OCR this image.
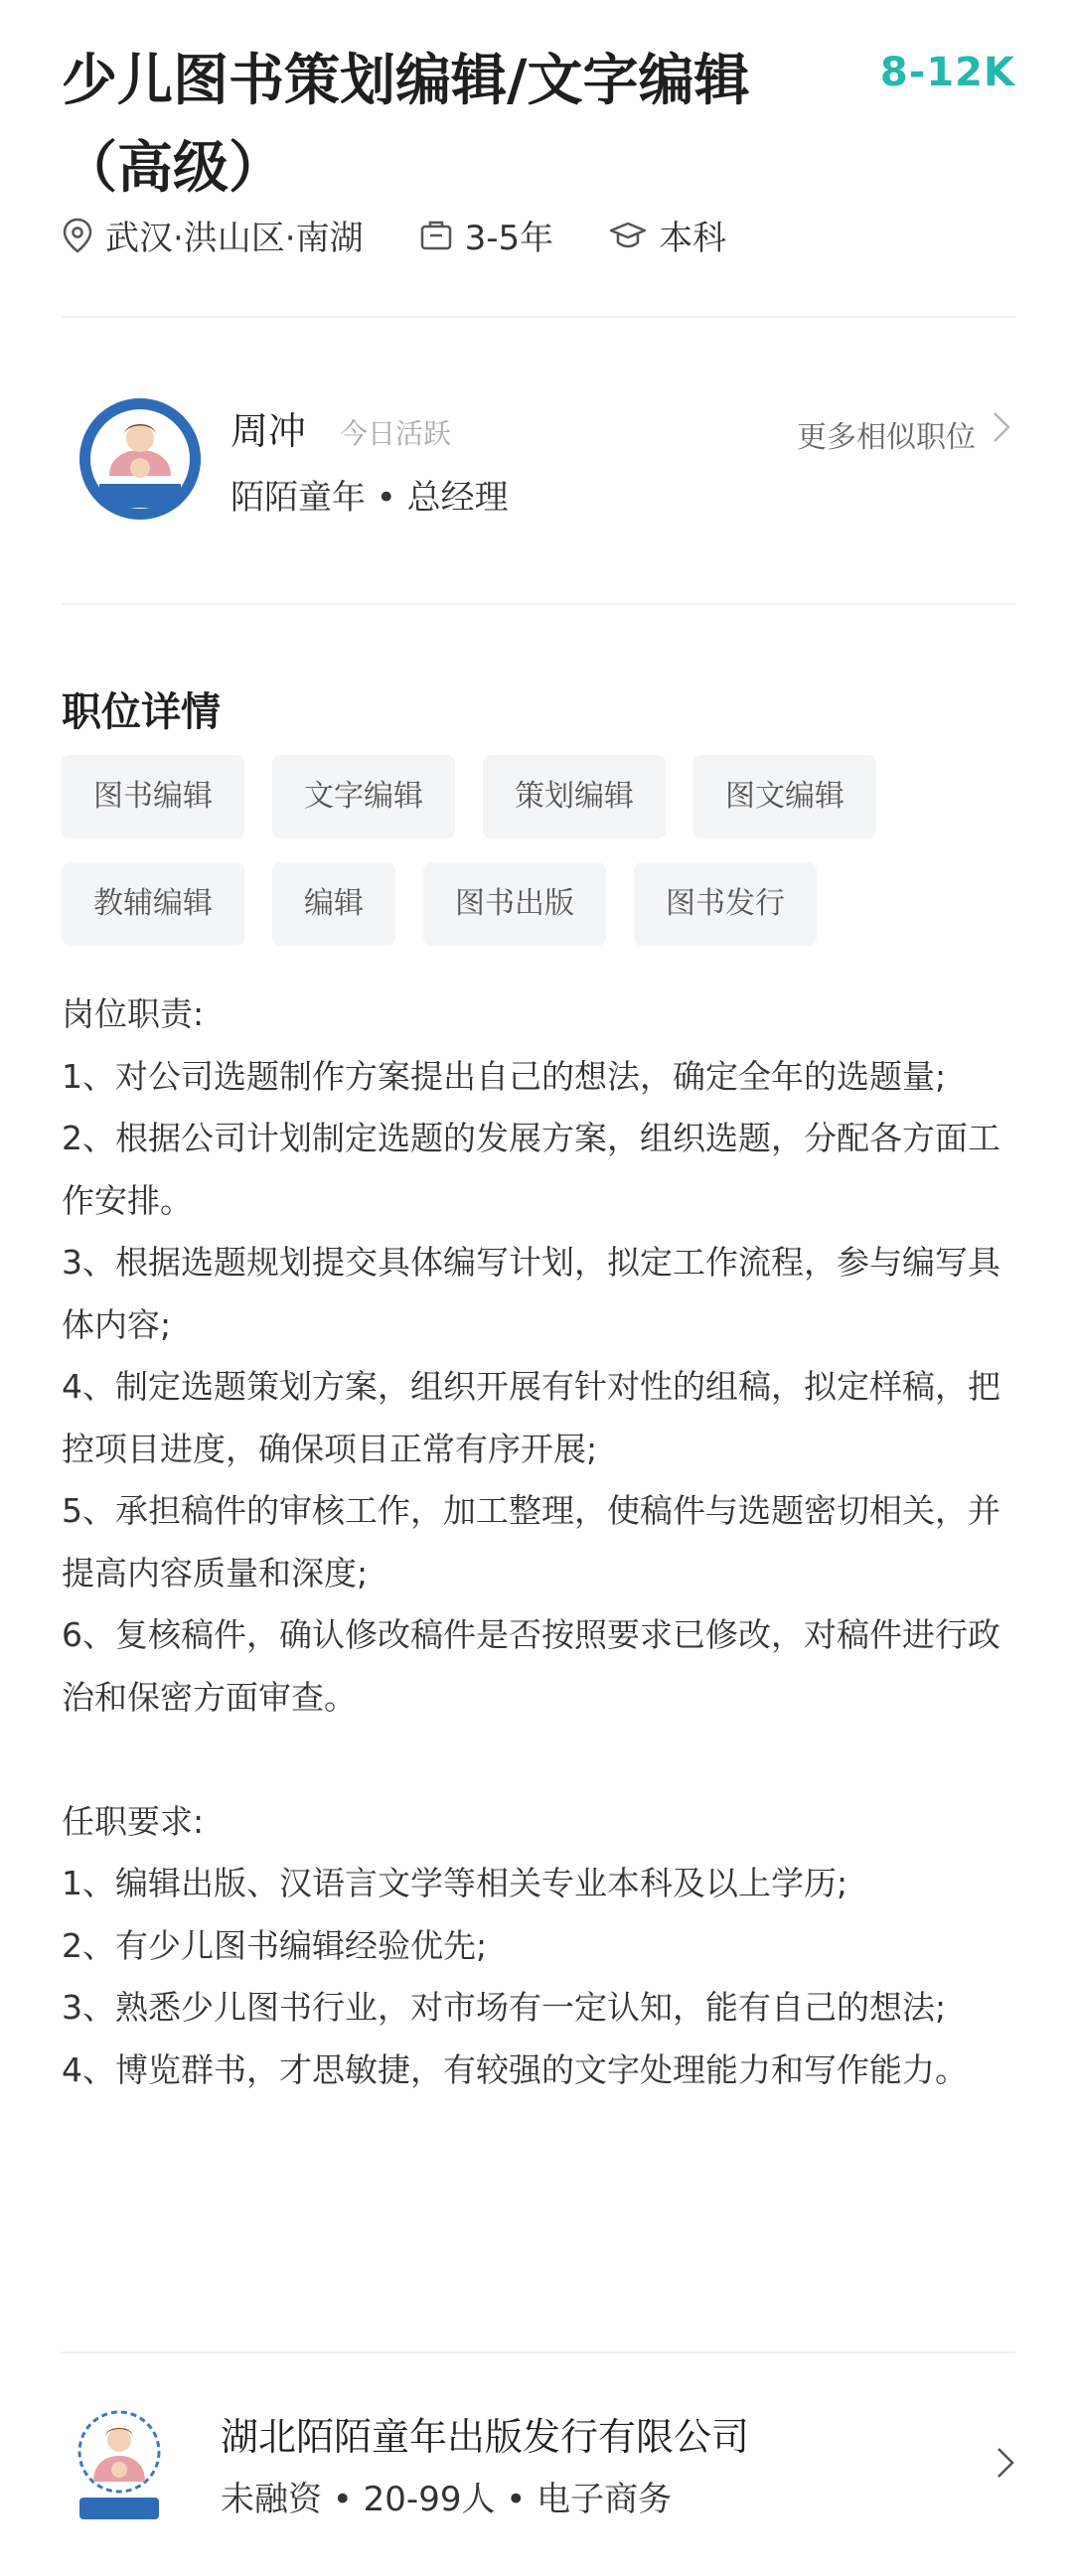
少儿图书策划编辑/文字编辑（高级）
8-12K
武汉·洪山区·南湖	3-5年	本科
周冲 今日活跃
陌陌童年 • 总经理
更多相似职位
职位详情
图书编辑	文字编辑	策划编辑	图文编辑
教辅编辑	编辑	图书出版	图书发行
岗位职责:
1、对公司选题制作方案提出自己的想法，确定全年的选题量;
2、根据公司计划制定选题的发展方案，组织选题，分配各方面工作安排。
3、根据选题规划提交具体编写计划，拟定工作流程，参与编写具体内容;
4、制定选题策划方案，组织开展有针对性的组稿，拟定样稿，把控项目进度，确保项目正常有序开展;
5、承担稿件的审核工作，加工整理，使稿件与选题密切相关，并提高内容质量和深度;
6、复核稿件，确认修改稿件是否按照要求已修改，对稿件进行政治和保密方面审查。

任职要求:
1、编辑出版、汉语言文学等相关专业本科及以上学历;
2、有少儿图书编辑经验优先;
3、熟悉少儿图书行业，对市场有一定认知，能有自己的想法;
4、博览群书，才思敏捷，有较强的文字处理能力和写作能力。
湖北陌陌童年出版发行有限公司
未融资 • 20-99人 • 电子商务
